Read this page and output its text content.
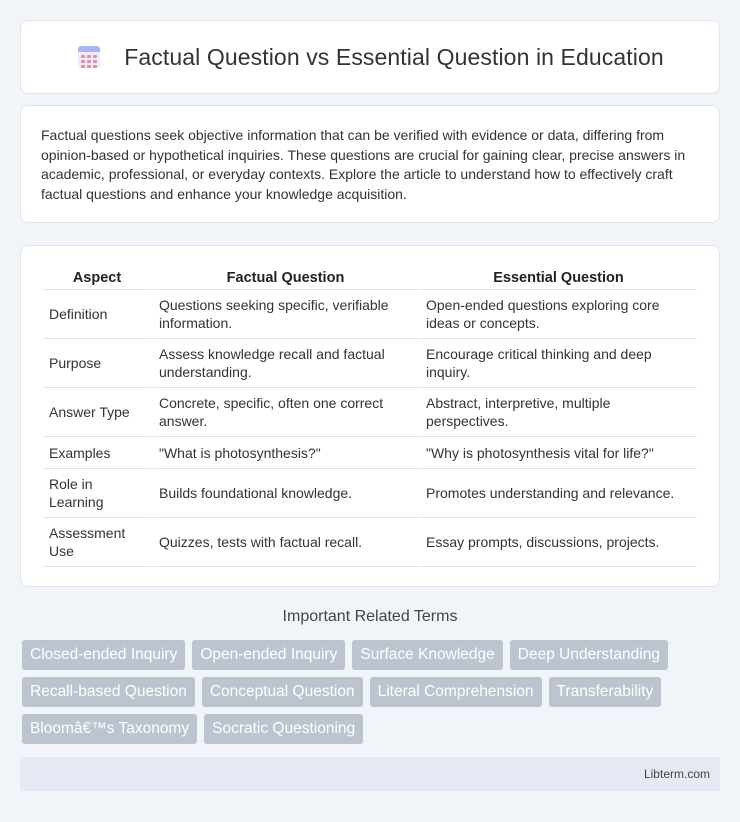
Factual Question vs Essential Question in Education

Factual questions seek objective information that can be verified with evidence or data, differing from opinion-based or hypothetical inquiries. These questions are crucial for gaining clear, precise answers in academic, professional, or everyday contexts. Explore the article to understand how to effectively craft factual questions and enhance your knowledge acquisition.

Aspect	Factual Question	Essential Question
Definition	Questions seeking specific, verifiable information.	Open-ended questions exploring core ideas or concepts.
Purpose	Assess knowledge recall and factual understanding.	Encourage critical thinking and deep inquiry.
Answer Type	Concrete, specific, often one correct answer.	Abstract, interpretive, multiple perspectives.
Examples	"What is photosynthesis?"	"Why is photosynthesis vital for life?"
Role in Learning	Builds foundational knowledge.	Promotes understanding and relevance.
Assessment Use	Quizzes, tests with factual recall.	Essay prompts, discussions, projects.
Important Related Terms
Closed-ended Inquiry	Open-ended Inquiry	Surface Knowledge	Deep Understanding
Recall-based Question	Conceptual Question	Literal Comprehension	Transferability
Bloomâ€™s Taxonomy	Socratic Questioning
Libterm.com
